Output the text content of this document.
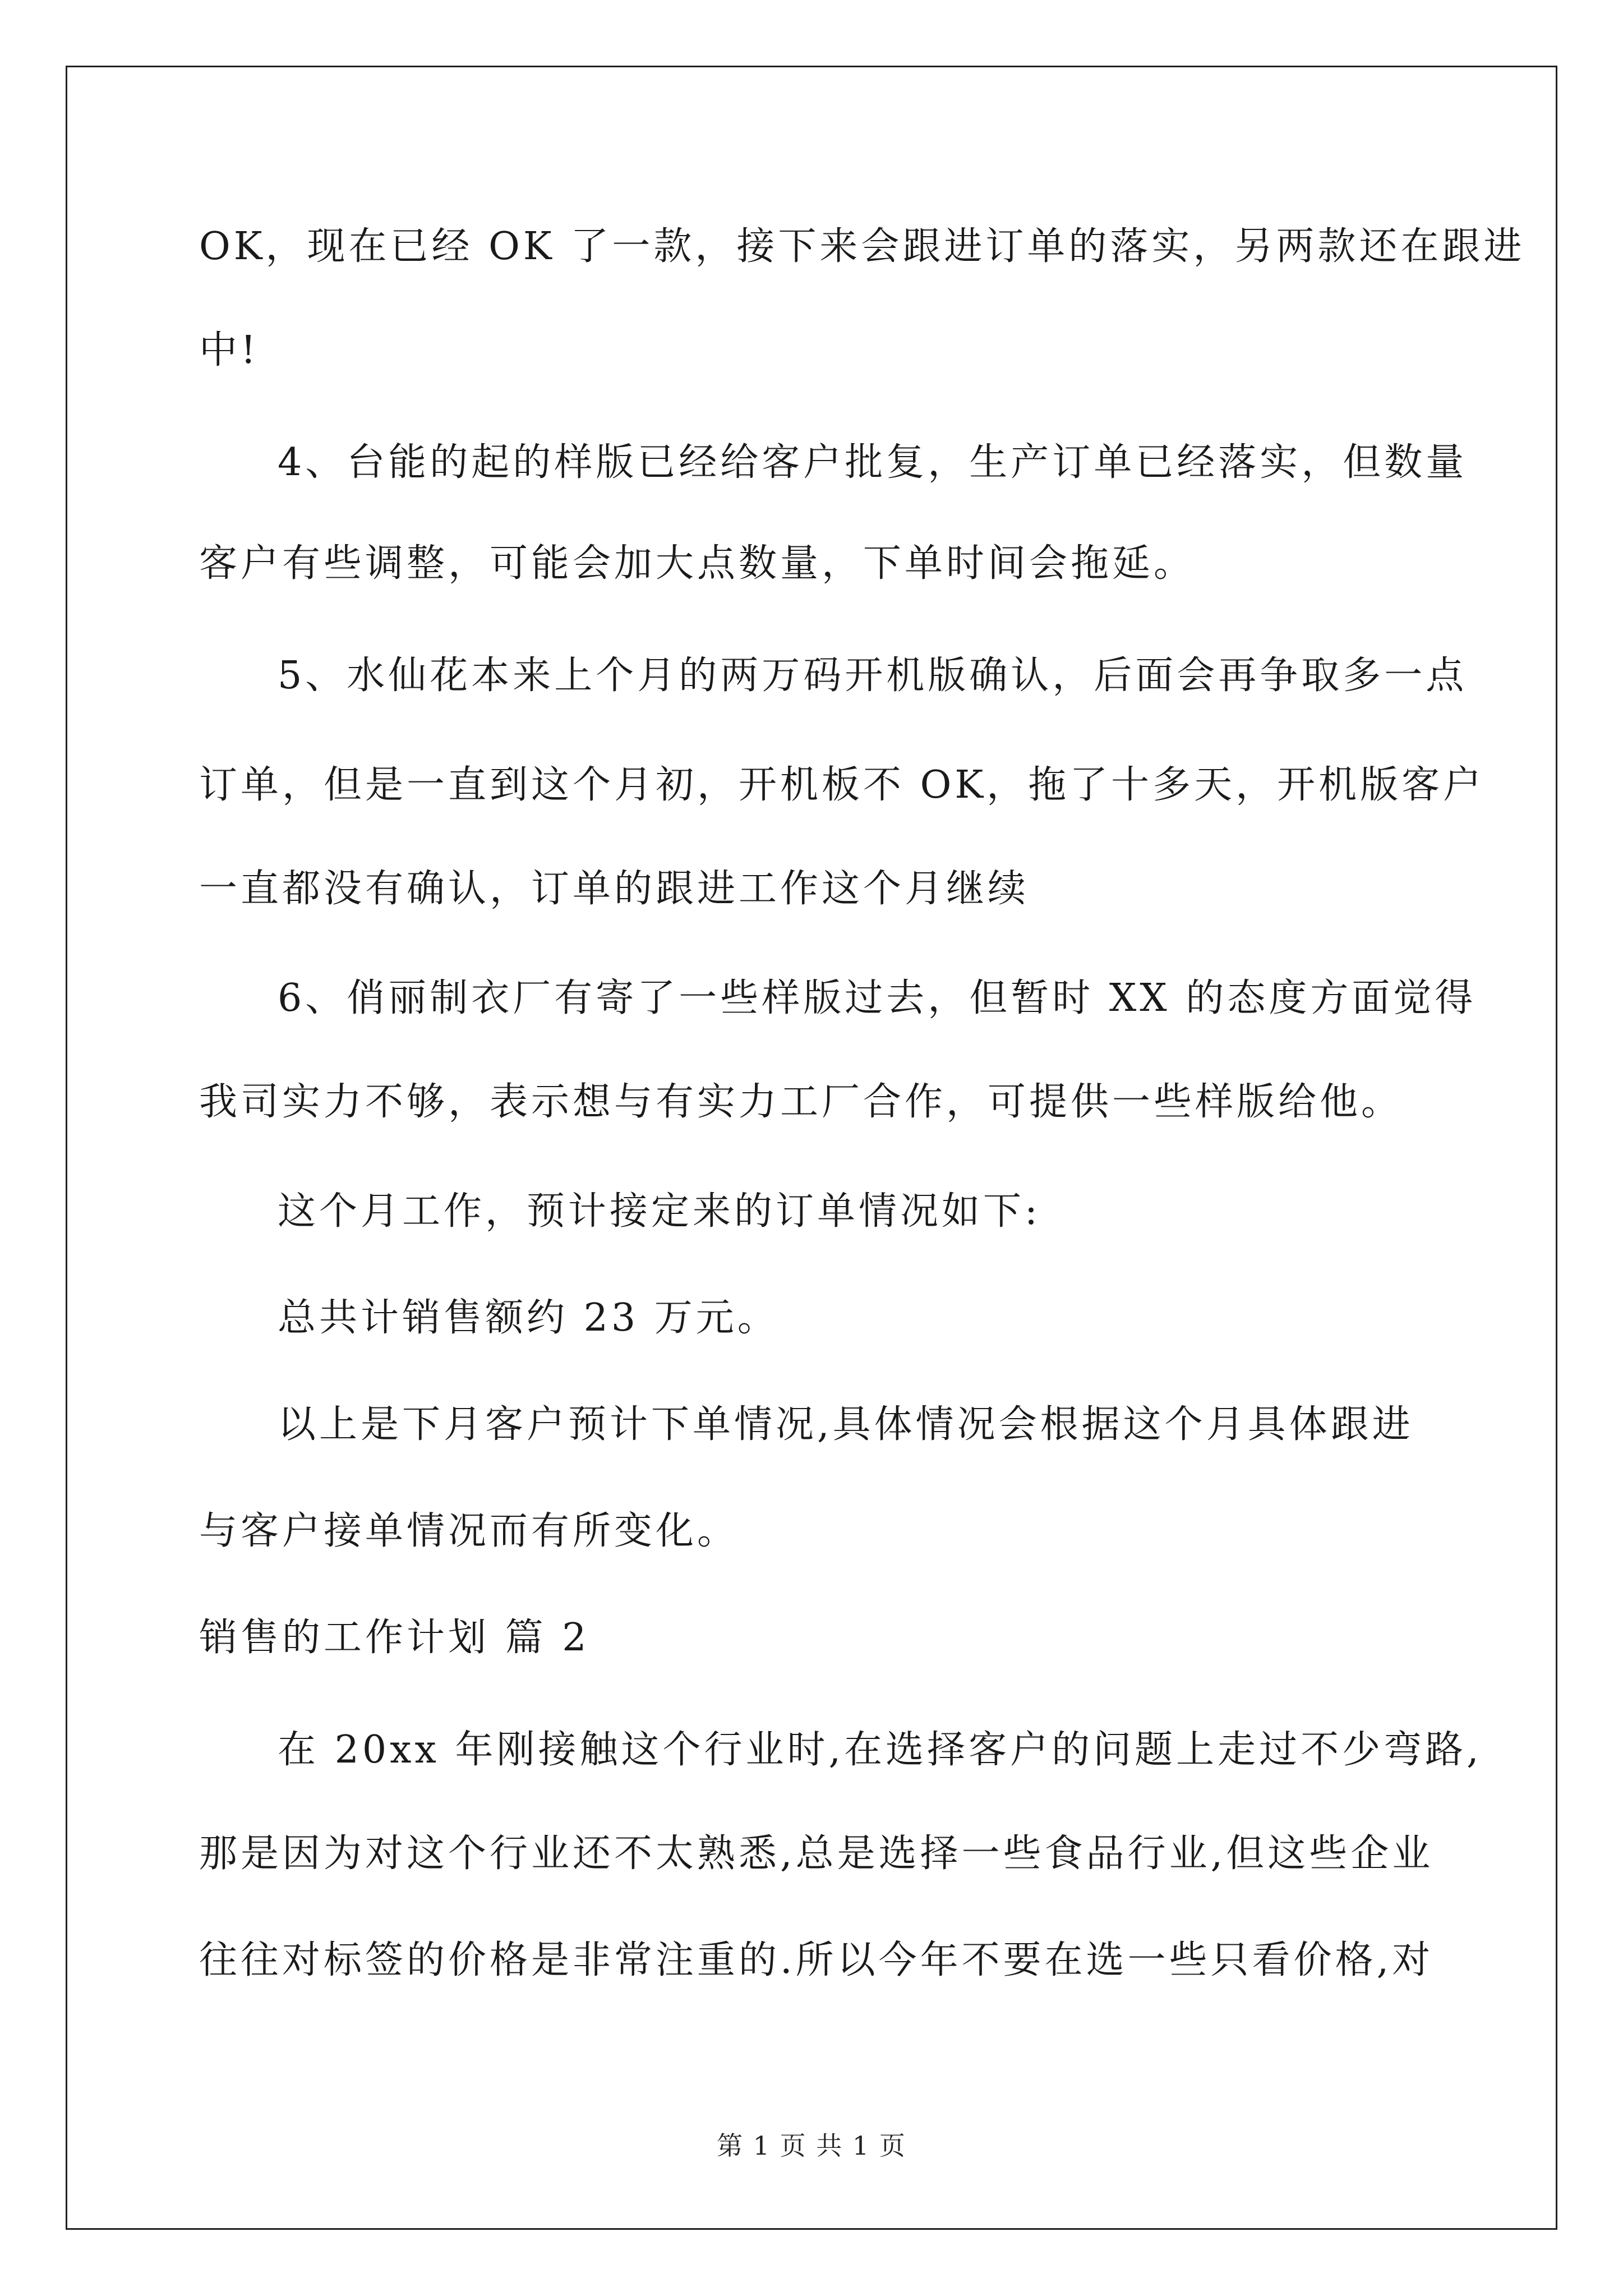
OK，现在已经 OK 了一款，接下来会跟进订单的落实，另两款还在跟进

中!

4、台能的起的样版已经给客户批复，生产订单已经落实，但数量

客户有些调整，可能会加大点数量，下单时间会拖延。

5、水仙花本来上个月的两万码开机版确认，后面会再争取多一点

订单，但是一直到这个月初，开机板不 OK，拖了十多天，开机版客户

一直都没有确认，订单的跟进工作这个月继续

6、俏丽制衣厂有寄了一些样版过去，但暂时 XX 的态度方面觉得

我司实力不够，表示想与有实力工厂合作，可提供一些样版给他。

这个月工作，预计接定来的订单情况如下:

总共计销售额约 23 万元。

以上是下月客户预计下单情况,具体情况会根据这个月具体跟进

与客户接单情况而有所变化。

销售的工作计划 篇 2

在 20xx 年刚接触这个行业时,在选择客户的问题上走过不少弯路,

那是因为对这个行业还不太熟悉,总是选择一些食品行业,但这些企业

往往对标签的价格是非常注重的.所以今年不要在选一些只看价格,对

第 1 页 共 1 页
